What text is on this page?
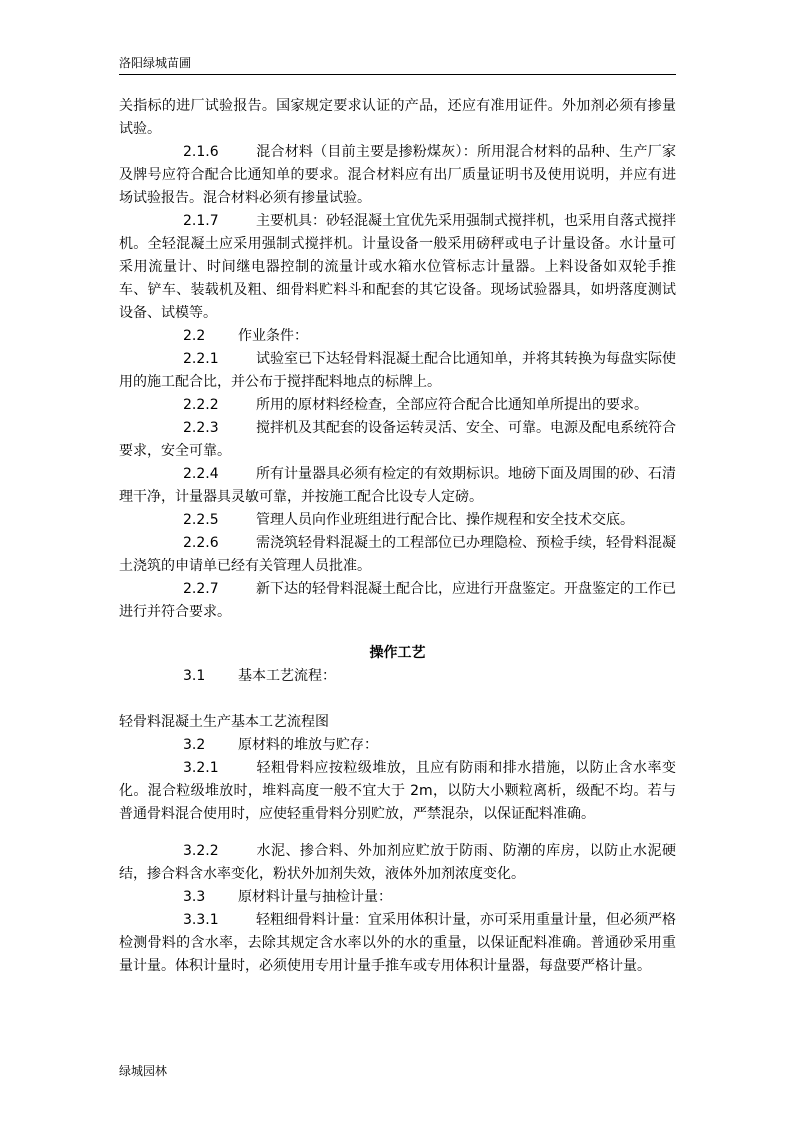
洛阳绿城苗圃

关指标的进厂试验报告。国家规定要求认证的产品，还应有准用证件。外加剂必须有掺量试验。

2.1.6	混合材料（目前主要是掺粉煤灰）：所用混合材料的品种、生产厂家及牌号应符合配合比通知单的要求。混合材料应有出厂质量证明书及使用说明，并应有进场试验报告。混合材料必须有掺量试验。

2.1.7	主要机具：砂轻混凝土宜优先采用强制式搅拌机，也采用自落式搅拌机。全轻混凝土应采用强制式搅拌机。计量设备一般采用磅秤或电子计量设备。水计量可采用流量计、时间继电器控制的流量计或水箱水位管标志计量器。上料设备如双轮手推车、铲车、装载机及粗、细骨料贮料斗和配套的其它设备。现场试验器具，如坍落度测试设备、试模等。

2.2 作业条件：

2.2.1	试验室已下达轻骨料混凝土配合比通知单，并将其转换为每盘实际使用的施工配合比，并公布于搅拌配料地点的标牌上。

2.2.2	所用的原材料经检查，全部应符合配合比通知单所提出的要求。

2.2.3	搅拌机及其配套的设备运转灵活、安全、可靠。电源及配电系统符合要求，安全可靠。

2.2.4	所有计量器具必须有检定的有效期标识。地磅下面及周围的砂、石清理干净，计量器具灵敏可靠，并按施工配合比设专人定磅。

2.2.5	管理人员向作业班组进行配合比、操作规程和安全技术交底。

2.2.6	需浇筑轻骨料混凝土的工程部位已办理隐检、预检手续，轻骨料混凝土浇筑的申请单已经有关管理人员批准。

2.2.7	新下达的轻骨料混凝土配合比，应进行开盘鉴定。开盘鉴定的工作已进行并符合要求。

操作工艺

3.1 基本工艺流程：

轻骨料混凝土生产基本工艺流程图

3.2 原材料的堆放与贮存：

3.2.1	轻粗骨料应按粒级堆放，且应有防雨和排水措施，以防止含水率变化。混合粒级堆放时，堆料高度一般不宜大于 2m，以防大小颗粒离析，级配不均。若与普通骨料混合使用时，应使轻重骨料分别贮放，严禁混杂，以保证配料准确。

3.2.2	水泥、掺合料、外加剂应贮放于防雨、防潮的库房，以防止水泥硬结，掺合料含水率变化，粉状外加剂失效，液体外加剂浓度变化。

3.3 原材料计量与抽检计量：

3.3.1	轻粗细骨料计量：宜采用体积计量，亦可采用重量计量，但必须严格检测骨料的含水率，去除其规定含水率以外的水的重量，以保证配料准确。普通砂采用重量计量。体积计量时，必须使用专用计量手推车或专用体积计量器，每盘要严格计量。

绿城园林
